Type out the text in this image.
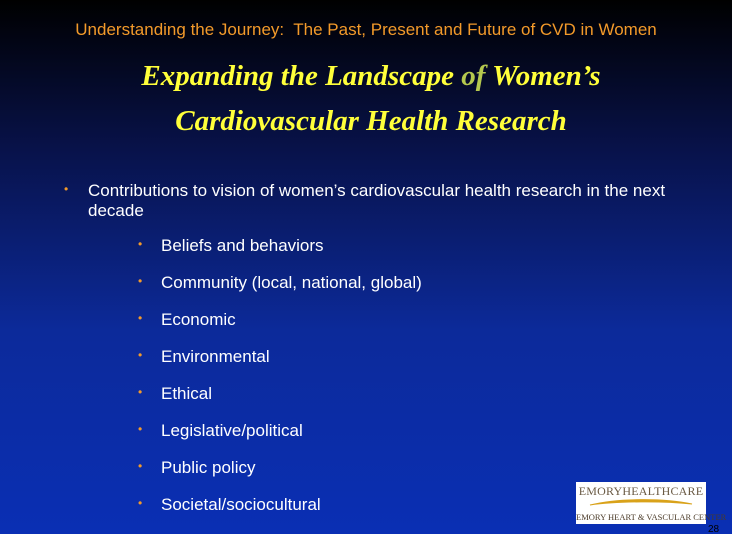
Understanding the Journey:  The Past, Present and Future of CVD in Women
Expanding the Landscape of Women’s
Cardiovascular Health Research
• Contributions to vision of women’s cardiovascular health research in the next decade
• Beliefs and behaviors
• Community (local, national, global)
• Economic
• Environmental
• Ethical
• Legislative/political
• Public policy
• Societal/sociocultural
EMORYHEALTHCARE
EMORY HEART & VASCULAR CENTER
28
